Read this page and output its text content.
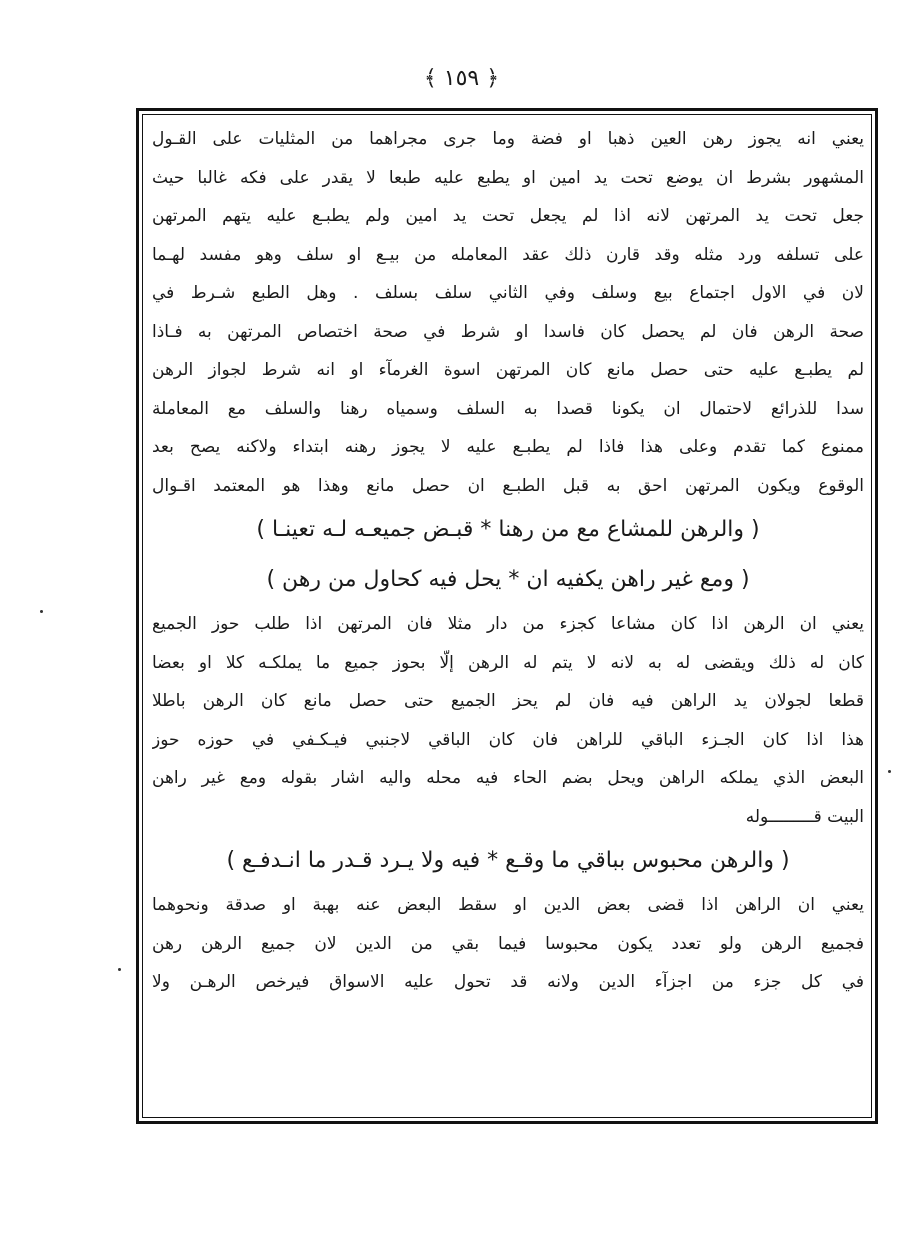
﴿ ١٥٩ ﴾
يعني انه يجوز رهن العين ذهبا او فضة وما جرى مجراهما من المثليات على القـول
المشهور بشرط ان يوضع تحت يد امين او يطبع عليه طبعا لا يقدر على فكه غالبا حيث
جعل تحت يد المرتهن لانه اذا لم يجعل تحت يد امين ولم يطبـع عليه يتهم المرتهن
على تسلفه ورد مثله وقد قارن ذلك عقد المعامله من بيـع او سلف وهو مفسد لهـما
لان في الاول اجتماع بيع وسلف وفي الثاني سلف بسلف . وهل الطبع شـرط في
صحة الرهن فان لم يحصل كان فاسدا او شرط في صحة اختصاص المرتهن به فـاذا
لم يطبـع عليه حتى حصل مانع كان المرتهن اسوة الغرمآء او انه شرط لجواز الرهن
سدا للذرائع لاحتمال ان يكونا قصدا به السلف وسمياه رهنا والسلف مع المعاملة
ممنوع كما تقدم وعلى هذا فاذا لم يطبـع عليه لا يجوز رهنه ابتداء ولاكنه يصح بعد
الوقوع ويكون المرتهن احق به قبل الطبـع ان حصل مانع وهذا هو المعتمد اقـوال
( والرهن للمشاع مع من رهنا * قبـض جميعـه لـه تعينـا )
( ومع غير راهن يكفيه ان * يحل فيه كحاول من رهن )
يعني ان الرهن اذا كان مشاعا كجزء من دار مثلا فان المرتهن اذا طلب حوز الجميع
كان له ذلك ويقضى له به لانه لا يتم له الرهن إلّا بحوز جميع ما يملكـه كلا او بعضا
قطعا لجولان يد الراهن فيه فان لم يحز الجميع حتى حصل مانع كان الرهن باطلا
هذا اذا كان الجـزء الباقي للراهن فان كان الباقي لاجنبي فيـكـفي في حوزه حوز
البعض الذي يملكه الراهن ويحل بضم الحاء فيه محله واليه اشار بقوله ومع غير راهن
البيت قـــــــــوله
( والرهن محبوس بباقي ما وقـع * فيه ولا يـرد قـدر ما انـدفـع )
يعني ان الراهن اذا قضى بعض الدين او سقط البعض عنه بهبة او صدقة ونحوهما
فجميع الرهن ولو تعدد يكون محبوسا فيما بقي من الدين لان جميع الرهن رهن
في كل جزء من اجزآء الدين ولانه قد تحول عليه الاسواق فيرخص الرهـن ولا
